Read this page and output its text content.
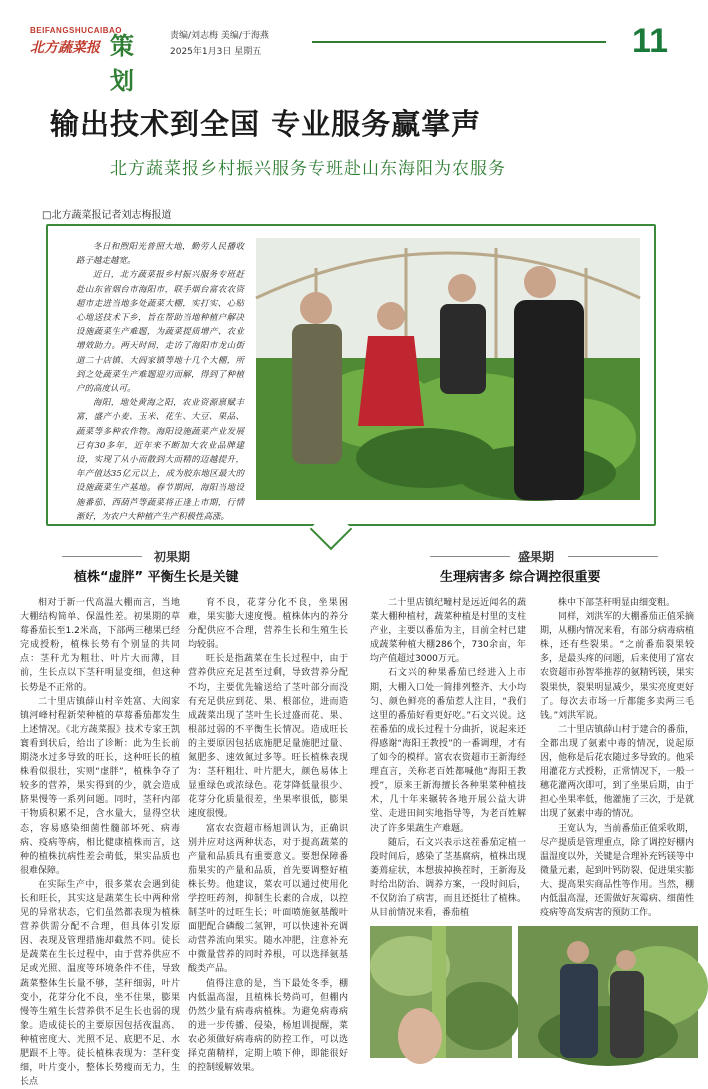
BEIFANGSHUCAIBAO
北方蔬菜报 策划
责编/刘志梅 美编/于海燕
2025年1月3日 星期五	11
输出技术到全国 专业服务赢掌声
北方蔬菜报乡村振兴服务专班赴山东海阳为农服务
□北方蔬菜报记者刘志梅报道

冬日和煦阳光普照大地，勤劳人民播收路子越走越宽。

近日，北方蔬菜报乡村振兴服务专班赶赴山东省烟台市海阳市，联手烟台富农农资超市走进当地多处蔬菜大棚，实打实、心贴心地送技术下乡，旨在帮助当地种植户解决设施蔬菜生产难题，为蔬菜提质增产、农业增效助力。两天时间，走访了海阳市龙山街道二十店镇、大阎家镇等地十几个大棚，所到之处蔬菜生产难题迎刃而解，得到了种植户的高度认可。

海阳，地处黄海之阳，农业资源禀赋丰富，盛产小麦、玉米、花生、大豆、果品、蔬菜等多种农作物。海阳设施蔬菜产业发展已有30多年，近年来不断加大农业品牌建设，实现了从小而散到大而精的迈越提升，年产值达35亿元以上，成为胶东地区最大的设施蔬菜生产基地。春节期间，海阳当地设施番茄、西葫芦等蔬菜将正逢上市期，行情渐好，为农户大种植产生产积极性高涨。

初果期
植株“虚胖” 平衡生长是关键
盛果期
生理病害多 综合调控很重要

相对于新一代高温大棚而言，当地大棚结构简单、保温性差。初果期的草莓番茄长至1.2米高，下部两三穗果已经完成授粉，植株长势有个别显的共同点：茎秆尤为粗壮、叶片大而薄，目前，生长点以下茎秆明显变细，但这种长势是不正常的。

二十里店镇薛山村辛姓富、大阎家镇河峰村程新荣种植的草莓番茄都发生上述情况。《北方蔬菜报》技术专家王凯寰看到状后，给出了诊断：此为生长前期浇水过多导致的旺长，这种旺长的植株看似很壮，实则“虚胖”，植株争夺了较多的营养，果实得到的少，就会造成脐果慢等一系列问题。同时，茎秆内部干物质积累不足，含水量大，显得空状态，容易感染细菌性髓部坏死、病毒病、疫病等病，相比健康植株而言，这种的植株抗病性差会萌低，果实品质也很难保障。

在实际生产中，很多菜农会遇到徒长和旺长，其实这是蔬菜生长中两种常见的异常状态，它们虽然都表现为植株营养供需分配不合理，但具体引发原因、表现及管理措施却截然不同。徒长是蔬菜在生长过程中，由于营养供应不足或光照、温度等环境条件不佳，导致蔬菜整体生长量不够，茎秆细弱，叶片变小，花芽分化不良，坐不住果，膨果慢等生殖生长营养供不足生长也弱的现象。造成徒长的主要原因包括夜温高、种植密度大、光照不足、底肥不足、水肥跟不上等。徒长植株表现为：茎秆变细，叶片变小，整体长势瘦而无力，生长点

育不良，花芽分化不良，坐果困难，果实膨大速度慢。植株体内的养分分配供应不合理，营养生长和生殖生长均较弱。

旺长是指蔬菜在生长过程中，由于营养供应充足甚至过剩，导致营养分配不均，主要优先输送给了茎叶部分而没有充足供应到花、果、根部位，进而造成蔬菜出现了茎叶生长过盛而花、果、根部过弱的不平衡生长情况。造成旺长的主要原因包括底施肥足量施肥过量、氮肥多、速效氮过多等。旺长植株表现为：茎秆粗壮、叶片肥大，颜色易体上显重绿色或浓绿色。花芽降低量很少、花芽分化质量很差，坐果率很低，膨果速度很慢。

富农农资超市杨旭训认为，正确识别并应对这两种状态，对于提高蔬菜的产量和品质具有重要意义。要想保障番茄果实的产量和品质，首先要调整好植株长势。他建议，菜农可以通过使用化学控旺药剂，抑制生长素的合成，以控制茎叶的过旺生长；叶面喷施氨基酸叶面肥配合磷酸二氢钾，可以快速补充调动营养流向果实。随水冲肥，注意补充中微量营养的同时养根，可以选择氨基酸类产品。

值得注意的是，当下最处冬季，棚内低温高湿，且植株长势尚可，但棚内仍然少量有病毒病植株。为避免病毒病的进一步传播、侵染，杨旭训提醒，菜农必须做好病毒病的防控工作，可以选择克菌精样，定期上喷下伸，即能很好的控制缓解效果。

二十里店镇纪疃村是远近闻名的蔬菜大棚种植村，蔬菜种植是村里的支柱产业，主要以番茄为主，目前全村已建成蔬菜种植大棚286个，730余亩，年均产值超过3000万元。

石文兴的种果番茄已经进入上市期，大棚入口处一简排列整齐、大小均匀、颜色鲜亮的番茄惹人注目，“我们这里的番茄好看更好吃。”石文兴说。这茬番茄的成长过程十分曲折，说起来还得感谢“海阳王教授”的一番调理，才有了如今的模样。富农农资超市王新海经理直言，关称老百姓都喊他“海阳王教授”，原来王新海擅长各种果菜种植技术，几十年来辗转各地开展公益大讲堂、走进田间实地指导等，为老百姓解决了许多果蔬生产难题。

随后，石文兴表示这茬番茄定植一段时间后，感染了茎基腐病，植株出现萎蔫症状，本想拔掉换茬时，王新海及时给出防治、调养方案，一段时间后，不仅防治了病害，而且还挺壮了植株。从目前情况来看，番茄植

株中下部茎秆明显由细变粗。

同样，刘洪军的大棚番茄正值采摘期，从棚内情况来看，有部分病毒病植株，还有些裂果。“之前番茄裂果较多，是最头疼的问题，后来使用了富农农资超市孙智举推荐的氨精钙镁，果实裂果快，裂果明显减少，果实亮度更好了。每次去市场一斤都能多卖两三毛钱。”刘洪军说。

二十里店镇薛山村于建合的番茄，全都出现了氨素中毒的情况，说起原因，他称是后花农随过多导致的。他采用灌花方式授粉，正常情况下，一般一穗花灌两次即可，到了坐果后期，由于担心坐果率低，他灌施了三次，于是就出现了氨素中毒的情况。

王宽认为，当前番茄正值采收期，尽产提质是管理重点，除了调控好棚内温湿度以外，关键是合理补充钙镁等中微量元素，起到叶钙防裂、促进果实膨大、提高果实商品性等作用。当然，棚内低温高湿，还需做好灰霉病、细菌性疫病等高发病害的预防工作。
